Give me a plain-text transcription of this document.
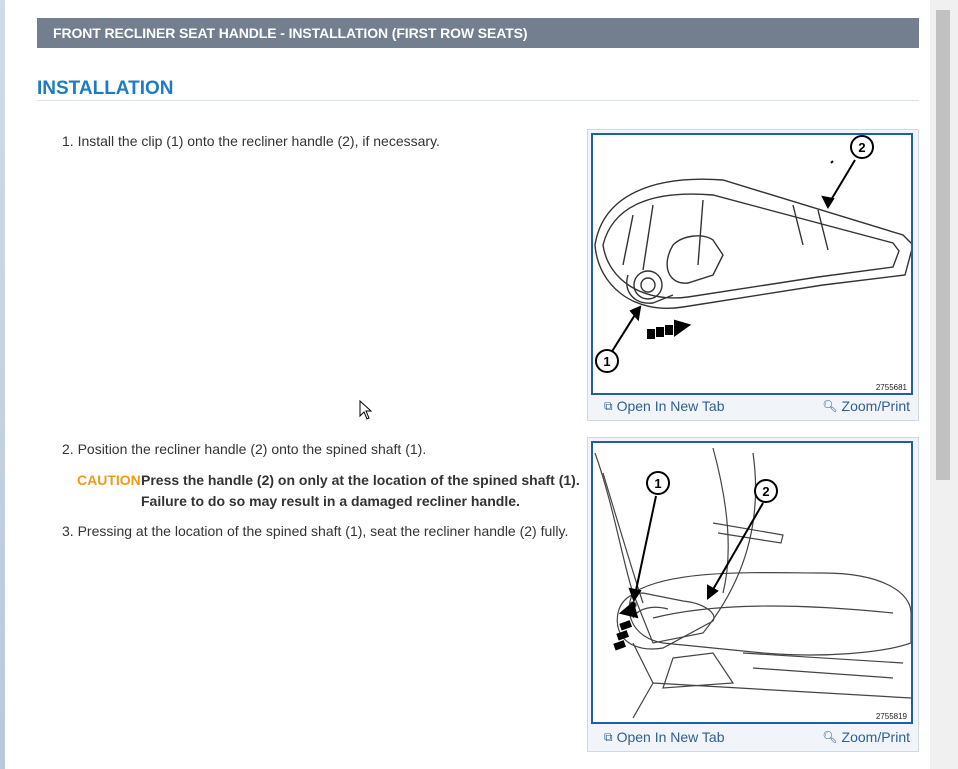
FRONT RECLINER SEAT HANDLE - INSTALLATION (FIRST ROW SEATS)
INSTALLATION
1. Install the clip (1) onto the recliner handle (2), if necessary.
2. Position the recliner handle (2) onto the spined shaft (1).
CAUTION:
Press the handle (2) on only at the location of the spined shaft (1).
Failure to do so may result in a damaged recliner handle.
3. Pressing at the location of the spined shaft (1), seat the recliner handle (2) fully.
2
1
2755681
⧉ Open In New Tab	🔍︎ Zoom/Print
1
2
2755819
⧉ Open In New Tab	🔍︎ Zoom/Print
